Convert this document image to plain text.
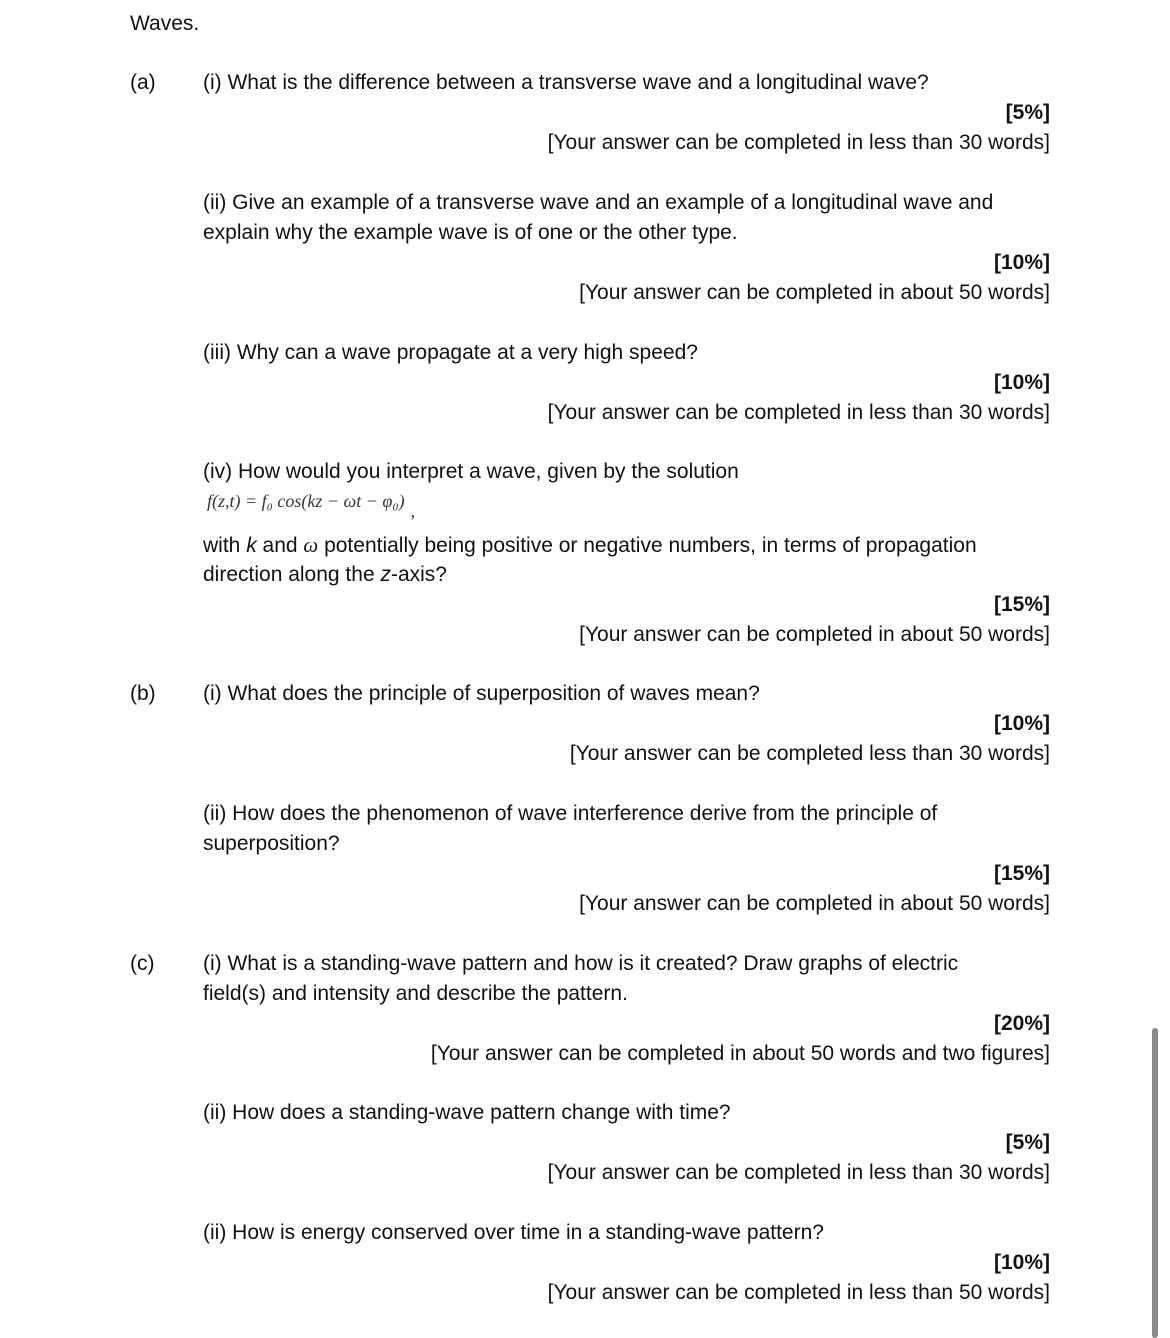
Waves.
(a) (i) What is the difference between a transverse wave and a longitudinal wave?
[5%]
[Your answer can be completed in less than 30 words]
(ii) Give an example of a transverse wave and an example of a longitudinal wave and
explain why the example wave is of one or the other type.
[10%]
[Your answer can be completed in about 50 words]
(iii) Why can a wave propagate at a very high speed?
[10%]
[Your answer can be completed in less than 30 words]
(iv) How would you interpret a wave, given by the solution
f(z,t) = f₀ cos(kz − ωt − φ₀) ,
with k and ω potentially being positive or negative numbers, in terms of propagation
direction along the z-axis?
[15%]
[Your answer can be completed in about 50 words]
(b) (i) What does the principle of superposition of waves mean?
[10%]
[Your answer can be completed less than 30 words]
(ii) How does the phenomenon of wave interference derive from the principle of
superposition?
[15%]
[Your answer can be completed in about 50 words]
(c) (i) What is a standing-wave pattern and how is it created? Draw graphs of electric
field(s) and intensity and describe the pattern.
[20%]
[Your answer can be completed in about 50 words and two figures]
(ii) How does a standing-wave pattern change with time?
[5%]
[Your answer can be completed in less than 30 words]
(ii) How is energy conserved over time in a standing-wave pattern?
[10%]
[Your answer can be completed in less than 50 words]
